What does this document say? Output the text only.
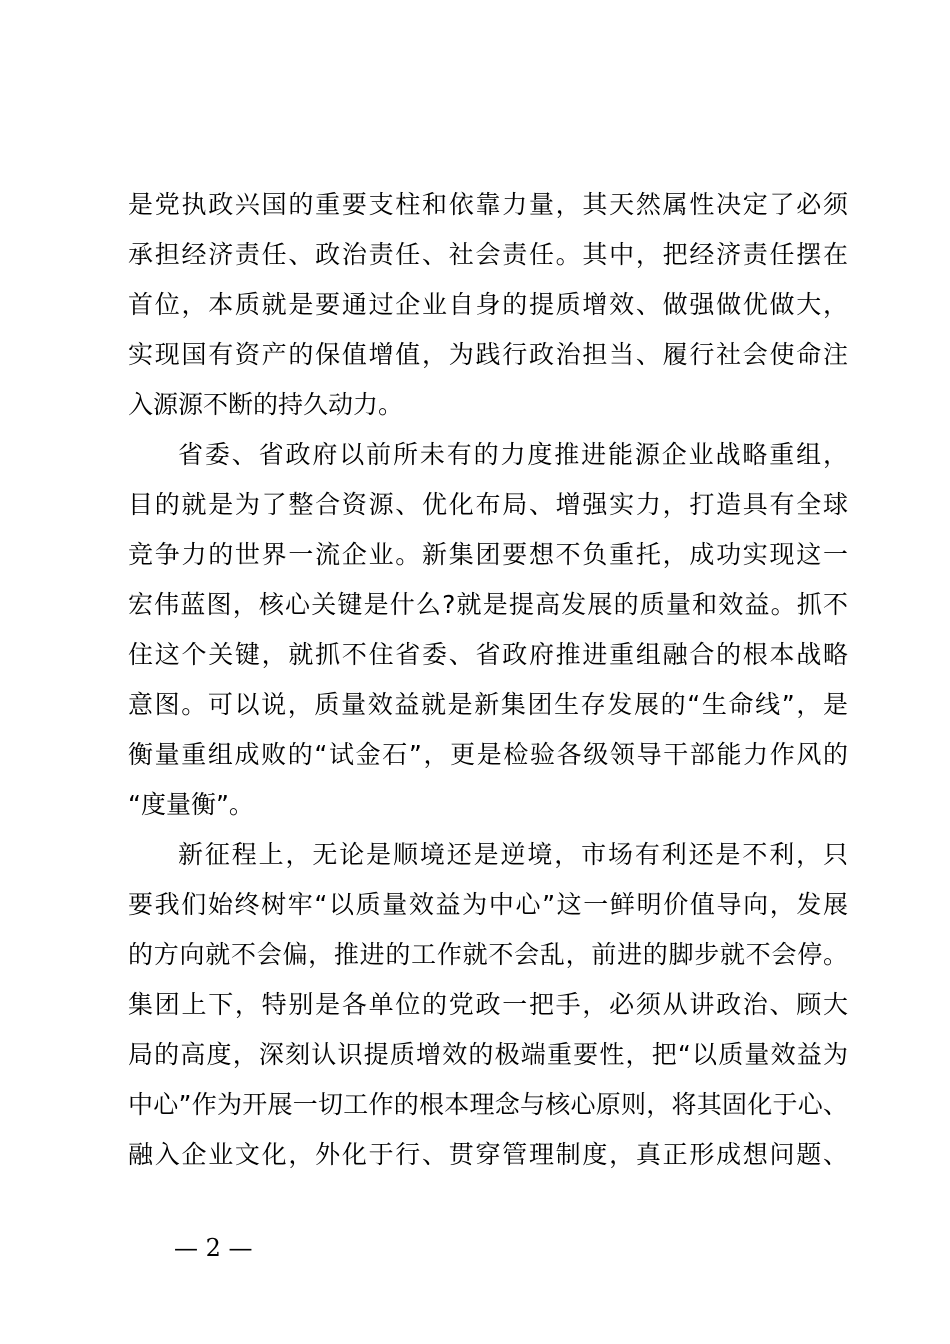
是党执政兴国的重要支柱和依靠力量，其天然属性决定了必须
承担经济责任、政治责任、社会责任。其中，把经济责任摆在
首位，本质就是要通过企业自身的提质增效、做强做优做大，
实现国有资产的保值增值，为践行政治担当、履行社会使命注
入源源不断的持久动力。
省委、省政府以前所未有的力度推进能源企业战略重组，
目的就是为了整合资源、优化布局、增强实力，打造具有全球
竞争力的世界一流企业。新集团要想不负重托，成功实现这一
宏伟蓝图，核心关键是什么?就是提高发展的质量和效益。抓不
住这个关键，就抓不住省委、省政府推进重组融合的根本战略
意图。可以说，质量效益就是新集团生存发展的“生命线”，是
衡量重组成败的“试金石”，更是检验各级领导干部能力作风的
“度量衡”。
新征程上，无论是顺境还是逆境，市场有利还是不利，只
要我们始终树牢“以质量效益为中心”这一鲜明价值导向，发展
的方向就不会偏，推进的工作就不会乱，前进的脚步就不会停。
集团上下，特别是各单位的党政一把手，必须从讲政治、顾大
局的高度，深刻认识提质增效的极端重要性，把“以质量效益为
中心”作为开展一切工作的根本理念与核心原则，将其固化于心、
融入企业文化，外化于行、贯穿管理制度，真正形成想问题、
— 2 —
